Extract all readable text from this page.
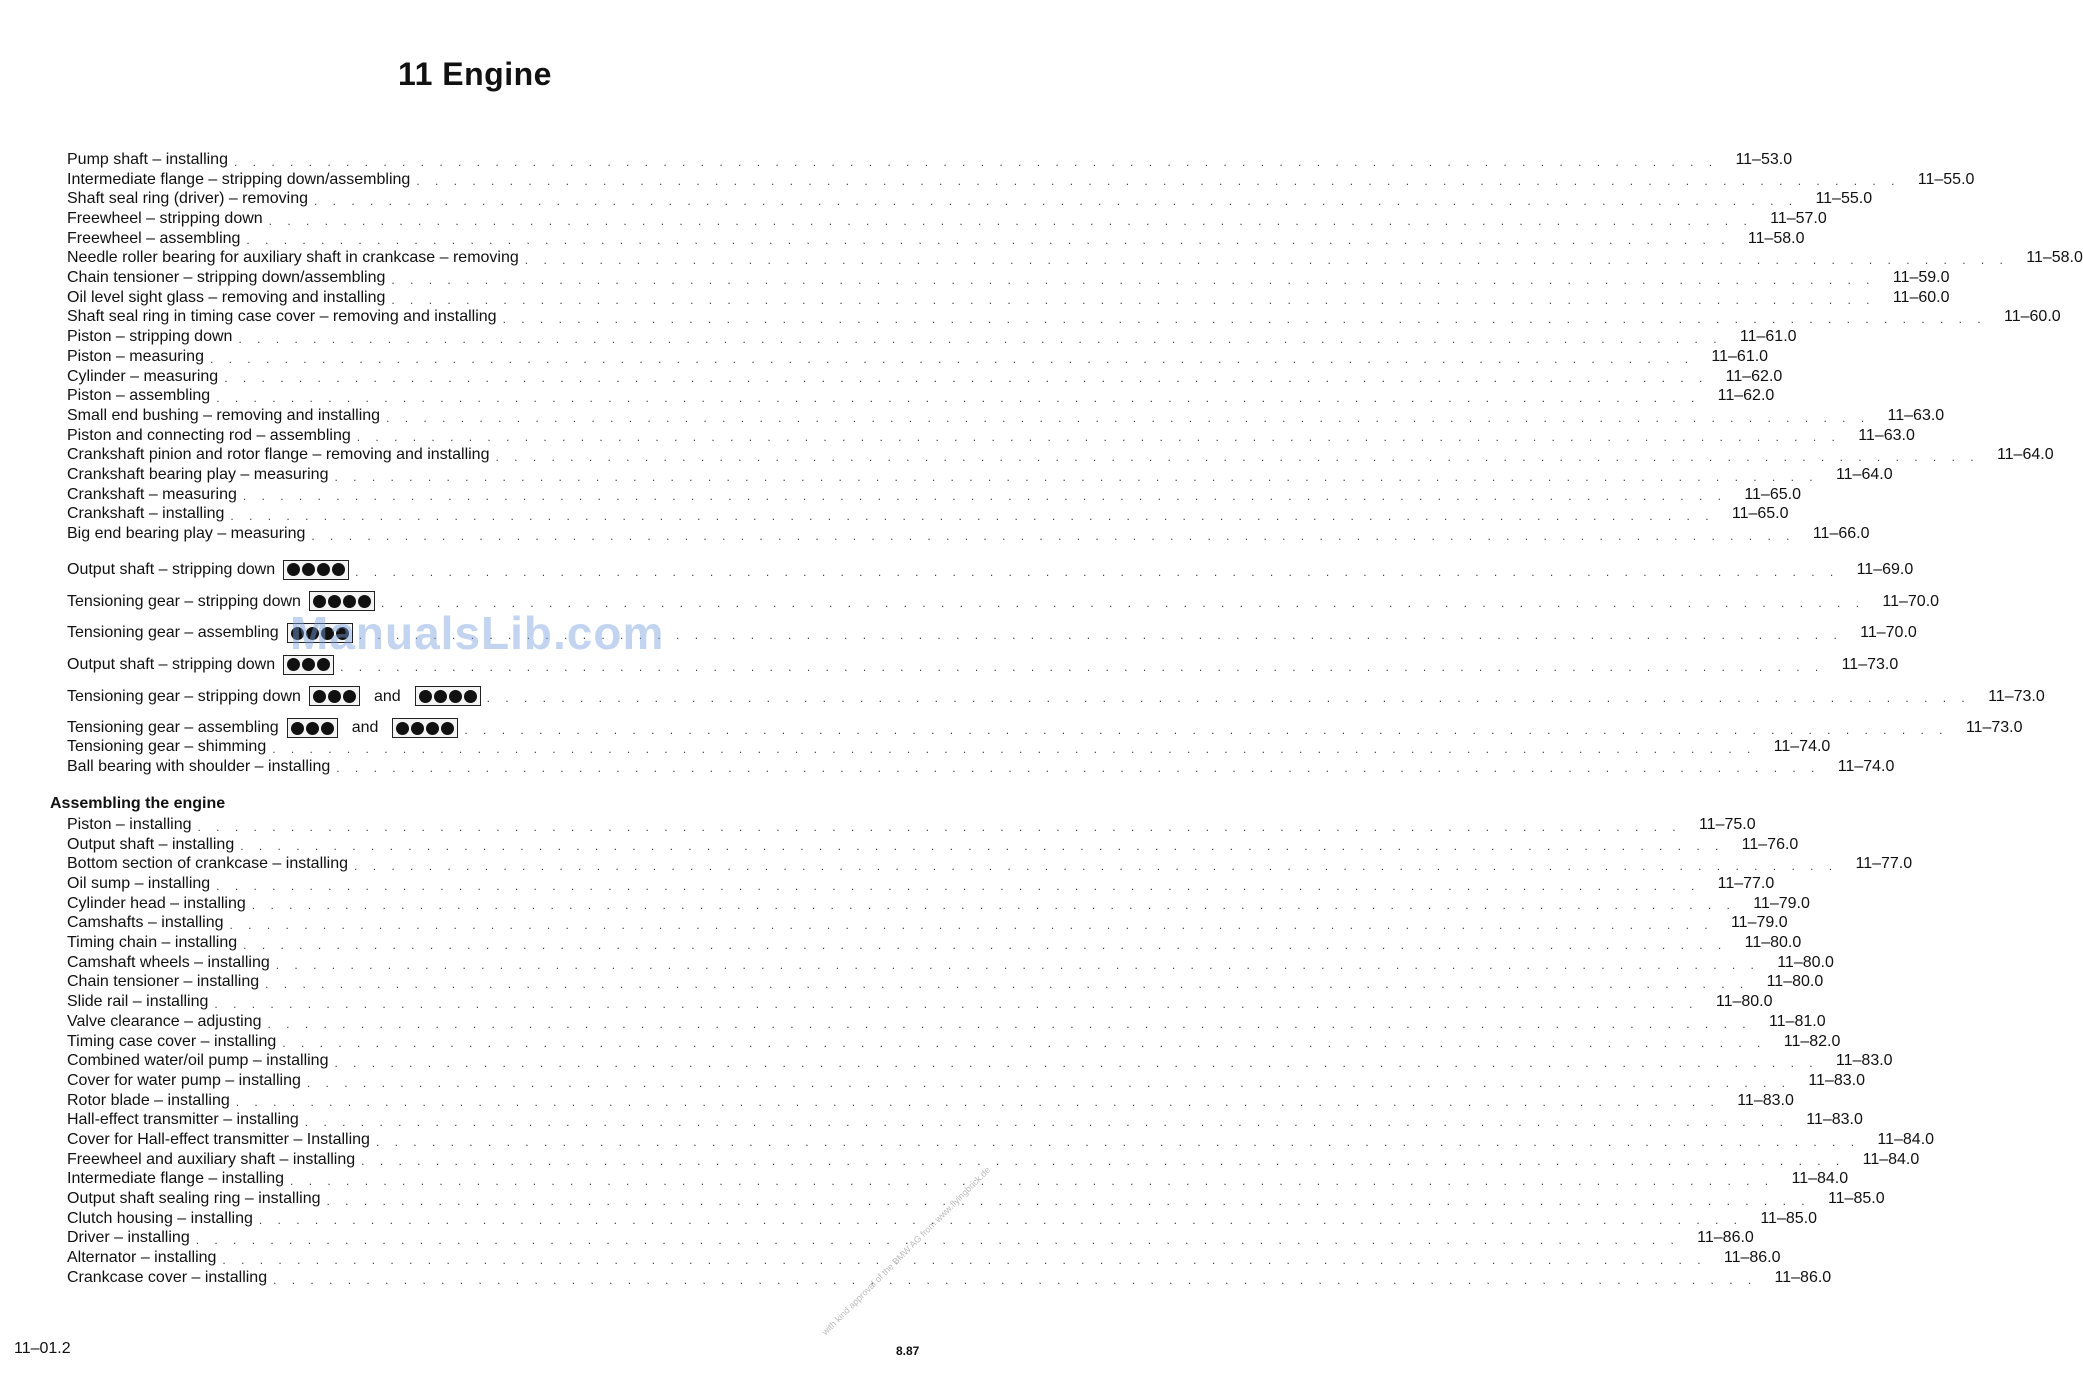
11 Engine
Pump shaft – installing . . .	11–53.0
Intermediate flange – stripping down/assembling . . .	11–55.0
Shaft seal ring (driver) – removing . . .	11–55.0
Freewheel – stripping down . . .	11–57.0
Freewheel – assembling . . .	11–58.0
Needle roller bearing for auxiliary shaft in crankcase – removing . . .	11–58.0
Chain tensioner – stripping down/assembling . . .	11–59.0
Oil level sight glass – removing and installing . . .	11–60.0
Shaft seal ring in timing case cover – removing and installing . . .	11–60.0
Piston – stripping down . . .	11–61.0
Piston – measuring . . .	11–61.0
Cylinder – measuring . . .	11–62.0
Piston – assembling . . .	11–62.0
Small end bushing – removing and installing . . .	11–63.0
Piston and connecting rod – assembling . . .	11–63.0
Crankshaft pinion and rotor flange – removing and installing . . .	11–64.0
Crankshaft bearing play – measuring . . .	11–64.0
Crankshaft – measuring . . .	11–65.0
Crankshaft – installing . . .	11–65.0
Big end bearing play – measuring . . .	11–66.0
Output shaft – stripping down . . .	11–69.0
Tensioning gear – stripping down . . .	11–70.0
Tensioning gear – assembling . . .	11–70.0
Output shaft – stripping down . . .	11–73.0
Tensioning gear – stripping down	and . . .	11–73.0
Tensioning gear – assembling	and . . .	11–73.0
Tensioning gear – shimming . . .	11–74.0
Ball bearing with shoulder – installing . . .	11–74.0
Assembling the engine
Piston – installing . . .	11–75.0
Output shaft – installing . . .	11–76.0
Bottom section of crankcase – installing . . .	11–77.0
Oil sump – installing . . .	11–77.0
Cylinder head – installing . . .	11–79.0
Camshafts – installing . . .	11–79.0
Timing chain – installing . . .	11–80.0
Camshaft wheels – installing . . .	11–80.0
Chain tensioner – installing . . .	11–80.0
Slide rail – installing . . .	11–80.0
Valve clearance – adjusting . . .	11–81.0
Timing case cover – installing . . .	11–82.0
Combined water/oil pump – installing . . .	11–83.0
Cover for water pump – installing . . .	11–83.0
Rotor blade – installing . . .	11–83.0
Hall-effect transmitter – installing . . .	11–83.0
Cover for Hall-effect transmitter – Installing . . .	11–84.0
Freewheel and auxiliary shaft – installing . . .	11–84.0
Intermediate flange – installing . . .	11–84.0
Output shaft sealing ring – installing . . .	11–85.0
Clutch housing – installing . . .	11–85.0
Driver – installing . . .	11–86.0
Alternator – installing . . .	11–86.0
Crankcase cover – installing . . .	11–86.0
ManualsLib.com
with kind approval of the BMW AG from www.flyingbrick.de
11–01.2	8.87
